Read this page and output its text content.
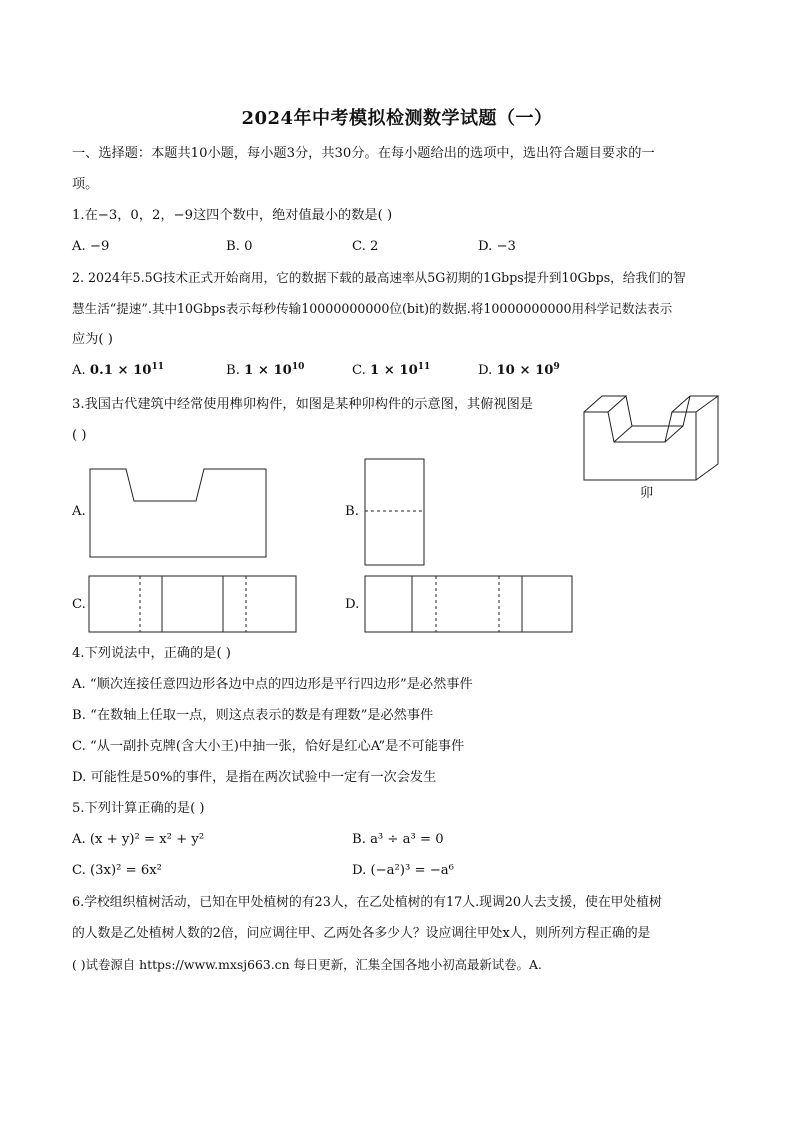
2024年中考模拟检测数学试题（一）
一、选择题：本题共10小题，每小题3分，共30分。在每小题给出的选项中，选出符合题目要求的一
项。
1.在−3，0，2，−9这四个数中，绝对值最小的数是( )
A. −9	B. 0	C. 2	D. −3
2. 2024年5.5G技术正式开始商用，它的数据下载的最高速率从5G初期的1Gbps提升到10Gbps，给我们的智
慧生活“提速”.其中10Gbps表示每秒传输10000000000位(bit)的数据.将10000000000用科学记数法表示
应为( )
A. $0.1 \times 10^{11}$	B. $1 \times 10^{10}$	C. $1 \times 10^{11}$	D. $10 \times 10^9$
3.我国古代建筑中经常使用榫卯构件，如图是某种卯构件的示意图，其俯视图是
( )
卯
A.	B.
C.	D.
4.下列说法中，正确的是( )
A. “顺次连接任意四边形各边中点的四边形是平行四边形”是必然事件
B. “在数轴上任取一点，则这点表示的数是有理数”是必然事件
C. “从一副扑克牌(含大小王)中抽一张，恰好是红心A”是不可能事件
D. 可能性是50%的事件，是指在两次试验中一定有一次会发生
5.下列计算正确的是( )
A. (x + y)² = x² + y²	B. a³ ÷ a³ = 0
C. (3x)² = 6x²	D. (−a²)³ = −a⁶
6.学校组织植树活动，已知在甲处植树的有23人，在乙处植树的有17人.现调20人去支援，使在甲处植树
的人数是乙处植树人数的2倍，问应调往甲、乙两处各多少人？设应调往甲处x人，则所列方程正确的是
( )试卷源自 https://www.mxsj663.cn 每日更新，汇集全国各地小初高最新试卷。A.
